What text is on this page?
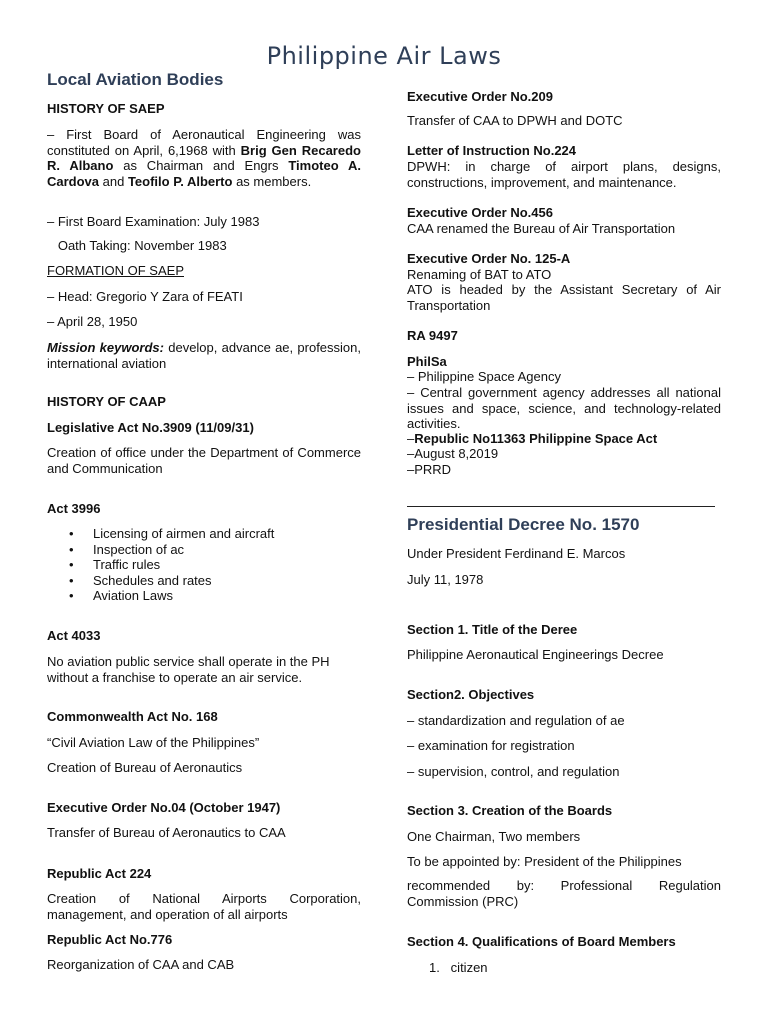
Philippine Air Laws
Local Aviation Bodies
HISTORY OF SAEP
– First Board of Aeronautical Engineering was constituted on April, 6,1968 with Brig Gen Recaredo R. Albano as Chairman and Engrs Timoteo A. Cardova and Teofilo P. Alberto as members.
– First Board Examination: July 1983
Oath Taking: November 1983
FORMATION OF SAEP
– Head: Gregorio Y Zara of FEATI
– April 28, 1950
Mission keywords: develop, advance ae, profession, international aviation
HISTORY OF CAAP
Legislative Act No.3909 (11/09/31)
Creation of office under the Department of Commerce and Communication
Act 3996
• Licensing of airmen and aircraft
• Inspection of ac
• Traffic rules
• Schedules and rates
• Aviation Laws
Act 4033
No aviation public service shall operate in the PH without a franchise to operate an air service.
Commonwealth Act No. 168
“Civil Aviation Law of the Philippines”
Creation of Bureau of Aeronautics
Executive Order No.04 (October 1947)
Transfer of Bureau of Aeronautics to CAA
Republic Act 224
Creation of National Airports Corporation, management, and operation of all airports
Republic Act No.776
Reorganization of CAA and CAB
Executive Order No.209
Transfer of CAA to DPWH and DOTC
Letter of Instruction No.224
DPWH: in charge of airport plans, designs, constructions, improvement, and maintenance.
Executive Order No.456
CAA renamed the Bureau of Air Transportation
Executive Order No. 125-A
Renaming of BAT to ATO
ATO is headed by the Assistant Secretary of Air Transportation
RA 9497
PhilSa
– Philippine Space Agency
– Central government agency addresses all national issues and space, science, and technology-related activities.
–Republic No11363 Philippine Space Act
–August 8,2019
–PRRD
Presidential Decree No. 1570
Under President Ferdinand E. Marcos
July 11, 1978
Section 1. Title of the Deree
Philippine Aeronautical Engineerings Decree
Section2. Objectives
– standardization and regulation of ae
– examination for registration
– supervision, control, and regulation
Section 3. Creation of the Boards
One Chairman, Two members
To be appointed by: President of the Philippines
recommended by: Professional Regulation Commission (PRC)
Section 4. Qualifications of Board Members
1.   citizen
